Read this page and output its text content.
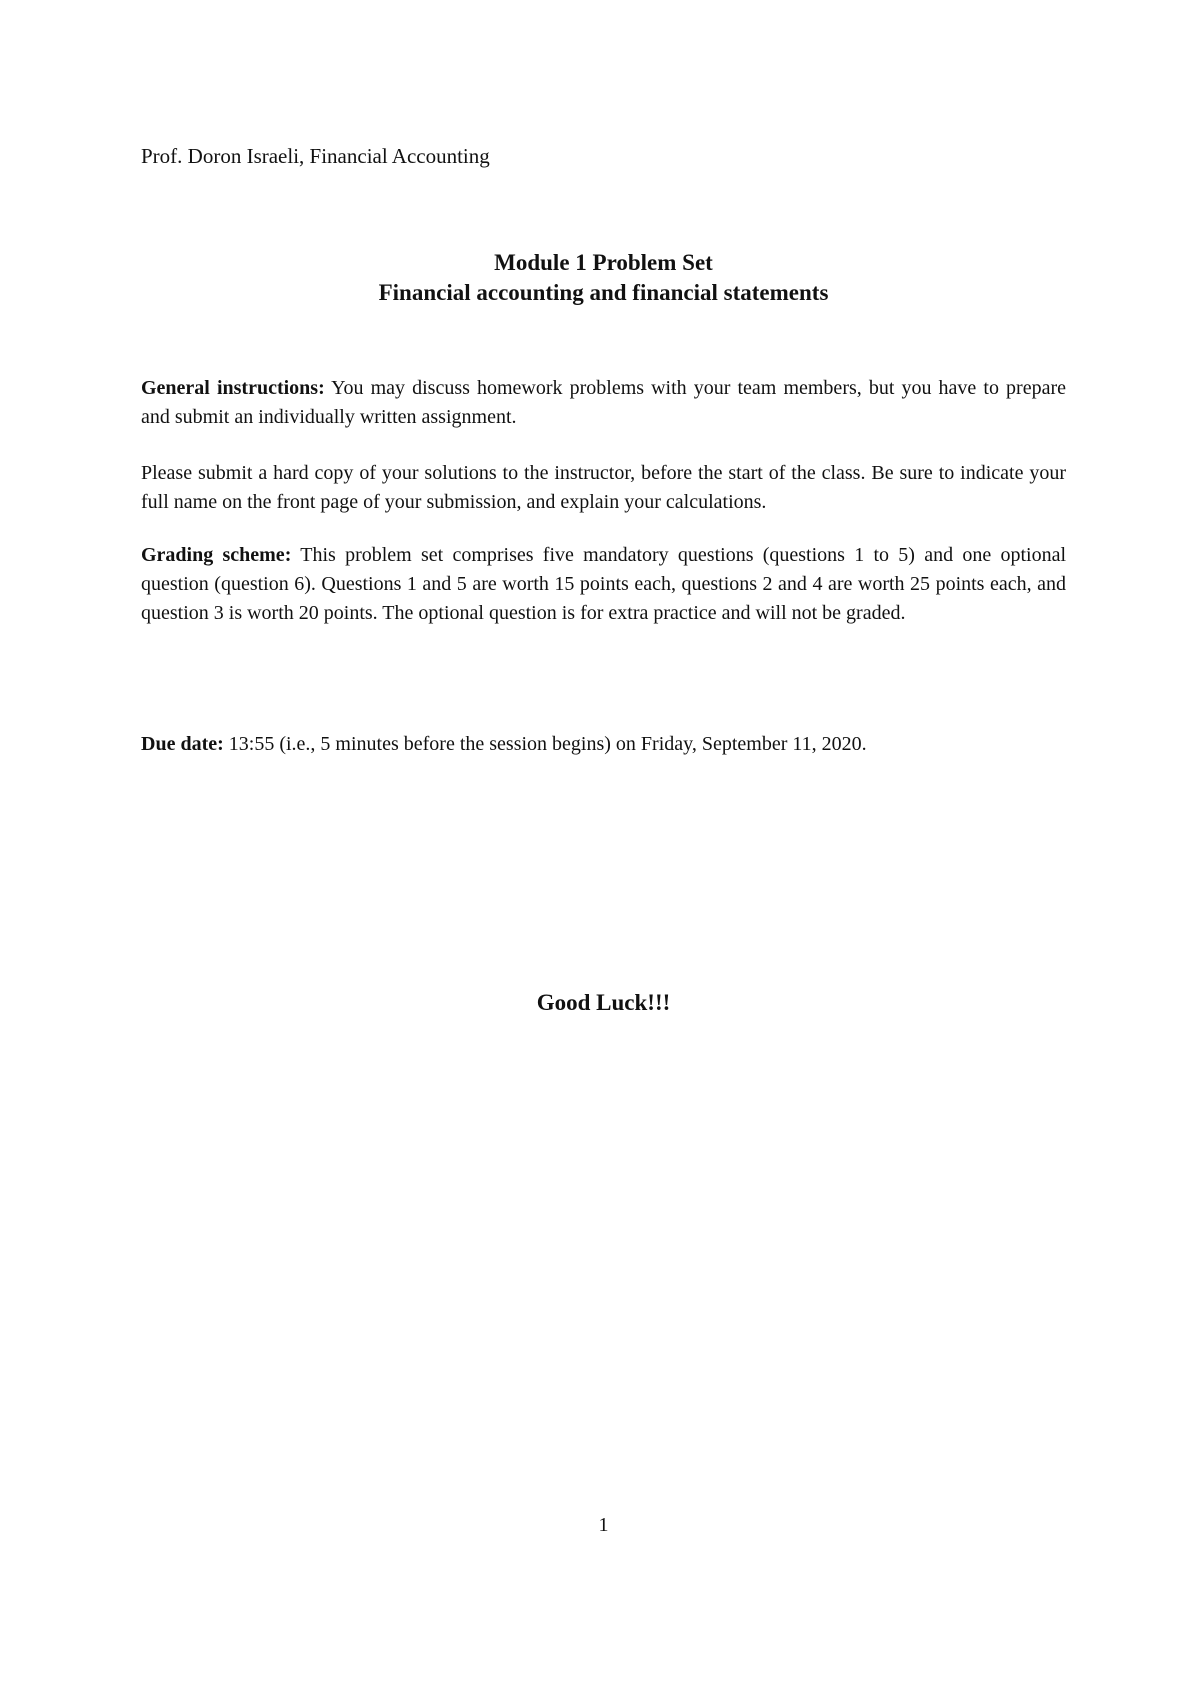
Prof. Doron Israeli, Financial Accounting
Module 1 Problem Set
Financial accounting and financial statements

General instructions: You may discuss homework problems with your team members, but you have to prepare and submit an individually written assignment.

Please submit a hard copy of your solutions to the instructor, before the start of the class. Be sure to indicate your full name on the front page of your submission, and explain your calculations.

Grading scheme: This problem set comprises five mandatory questions (questions 1 to 5) and one optional question (question 6). Questions 1 and 5 are worth 15 points each, questions 2 and 4 are worth 25 points each, and question 3 is worth 20 points. The optional question is for extra practice and will not be graded.

Due date: 13:55 (i.e., 5 minutes before the session begins) on Friday, September 11, 2020.

Good Luck!!!
1
